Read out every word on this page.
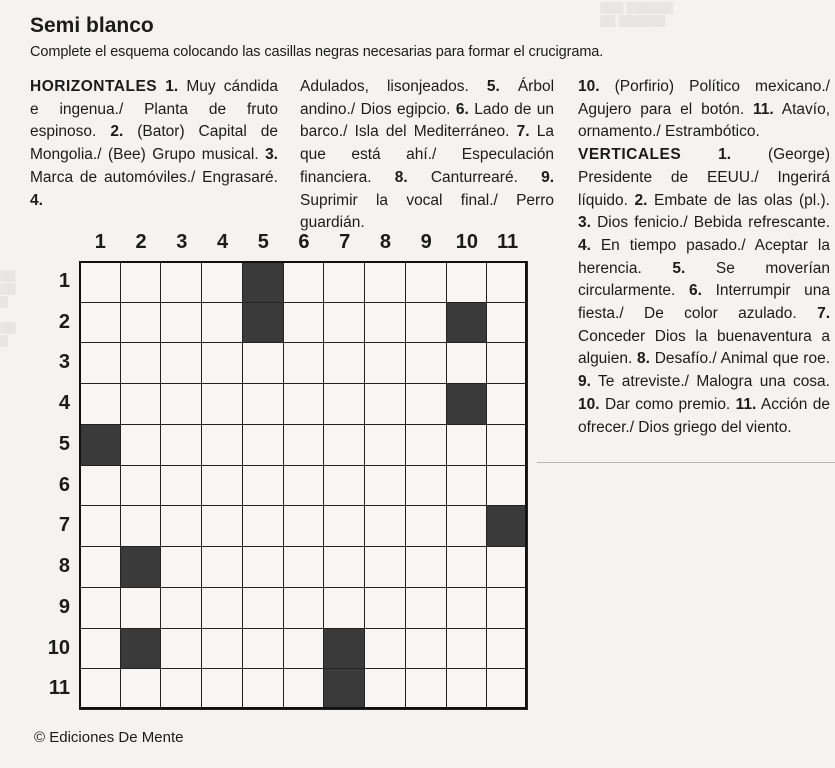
▒▒▒ ▒▒▒▒▒▒
▒▒ ▒▒▒▒▒▒
▒▒
▒▒
▒

▒▒
▒
Semi blanco
Complete el esquema colocando las casillas negras necesarias para formar el crucigrama.
HORIZONTALES 1. Muy cándida e ingenua./ Planta de fruto espinoso. 2. (Bator) Capital de Mongolia./ (Bee) Grupo musical. 3. Marca de automóviles./ Engrasaré. 4.
Adulados, lisonjeados. 5. Árbol andino./ Dios egipcio. 6. Lado de un barco./ Isla del Mediterráneo. 7. La que está ahí./ Especulación financiera. 8. Canturrearé. 9. Suprimir la vocal final./ Perro guardián.
10. (Porfirio) Político mexicano./ Agujero para el botón. 11. Atavío, ornamento./ Estrambótico.
VERTICALES 1. (George) Presidente de EEUU./ Ingerirá líquido. 2. Embate de las olas (pl.). 3. Dios fenicio./ Bebida refrescante. 4. En tiempo pasado./ Aceptar la herencia. 5. Se moverían circularmente. 6. Interrumpir una fiesta./ De color azulado. 7. Conceder Dios la buenaventura a alguien. 8. Desafío./ Animal que roe. 9. Te atreviste./ Malogra una cosa. 10. Dar como premio. 11. Acción de ofrecer./ Dios griego del viento.
1	2	3	4	5	6	7	8	9	10 11
1
2
3
4
5
6
7
8
9
10
11
© Ediciones De Mente
